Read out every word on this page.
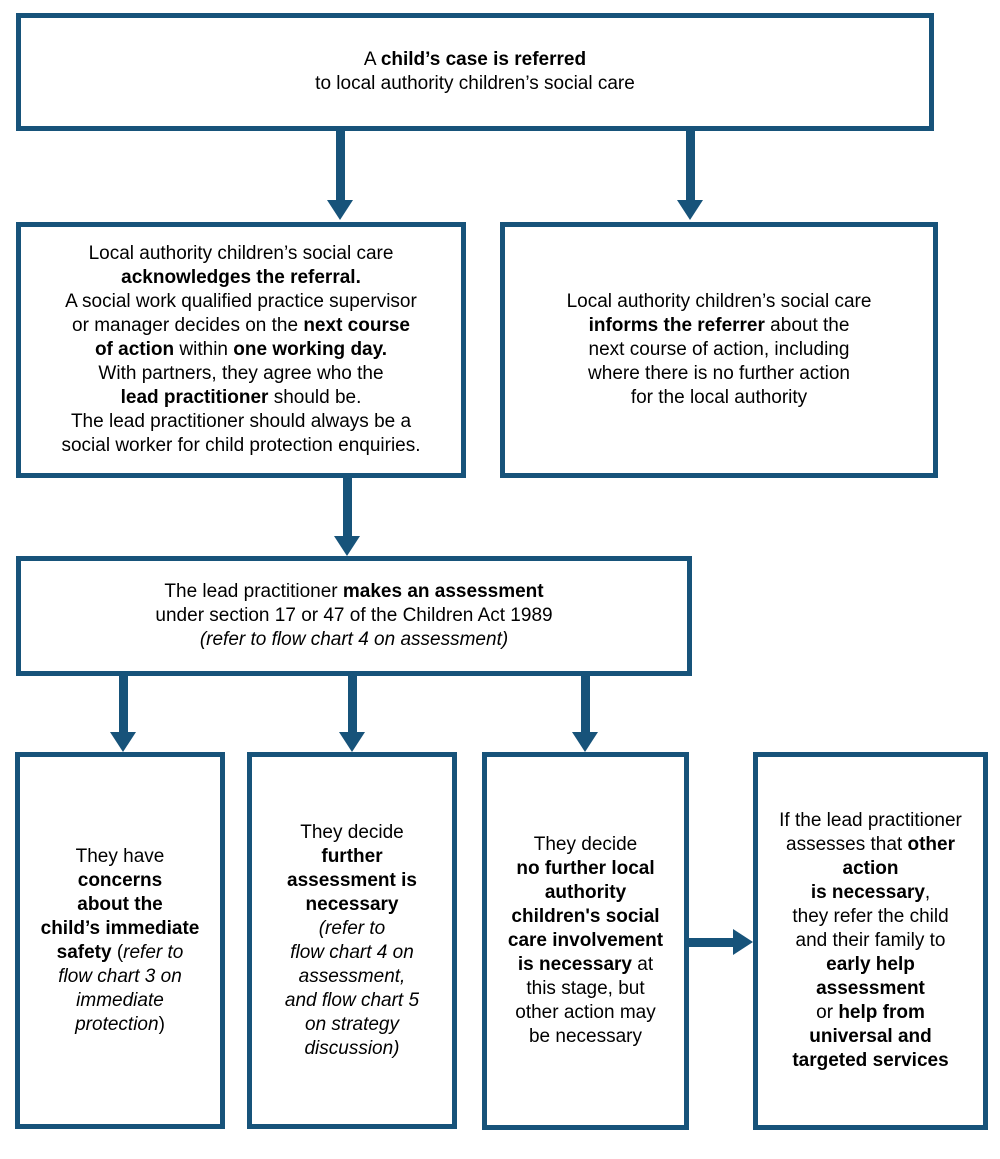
A child’s case is referred
to local authority children’s social care
Local authority children’s social care
acknowledges the referral.
A social work qualified practice supervisor
or manager decides on the next course
of action within one working day.
With partners, they agree who the
lead practitioner should be.
The lead practitioner should always be a
social worker for child protection enquiries.
Local authority children’s social care
informs the referrer about the
next course of action, including
where there is no further action
for the local authority
The lead practitioner makes an assessment
under section 17 or 47 of the Children Act 1989
(refer to flow chart 4 on assessment)
They have
concerns
about the
child’s immediate
safety (refer to
flow chart 3 on
immediate
protection)
They decide
further
assessment is
necessary
(refer to
flow chart 4 on
assessment,
and flow chart 5
on strategy
discussion)
They decide
no further local
authority
children's social
care involvement
is necessary at
this stage, but
other action may
be necessary
If the lead practitioner
assesses that other
action
is necessary,
they refer the child
and their family to
early help
assessment
or help from
universal and
targeted services
